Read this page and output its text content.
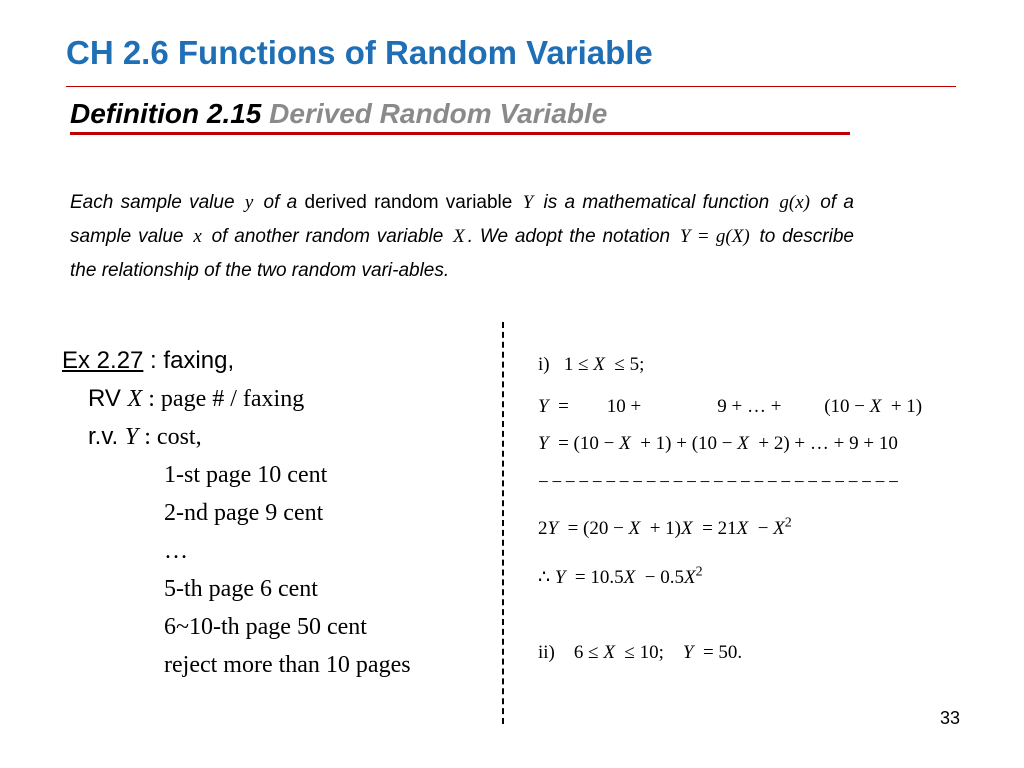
CH 2.6 Functions of Random Variable
Definition 2.15 Derived Random Variable
Each sample value y of a derived random variable Y is a mathematical function g(x) of a sample value x of another random variable X . We adopt the notation Y = g(X) to describe the relationship of the two random vari-ables.
Ex 2.27 : faxing,
RV X : page # / faxing
r.v. Y : cost,
1-st page 10 cent
2-nd page 9 cent
…
5-th page 6 cent
6~10-th page 50 cent
reject more than 10 pages
i)   1 ≤ X  ≤ 5;
Y  =        10 +                9 + … +         (10 − X  + 1)
Y  = (10 − X  + 1) + (10 − X  + 2) + … + 9 + 10
− − − − − − − − − − − − − − − − − − − − − − − − − − −
$2Y = (20 - X + 1)X = 21X - X^2$
∴ $Y = 10.5X - 0.5X^2$
ii)    6 ≤ X  ≤ 10;    Y  = 50.
33
